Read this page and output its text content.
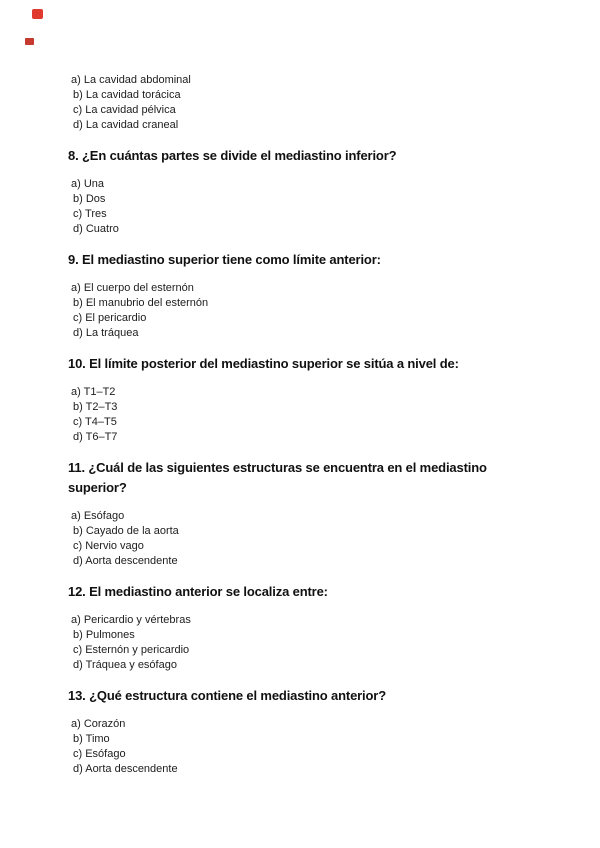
a) La cavidad abdominal
b) La cavidad torácica
c) La cavidad pélvica
d) La cavidad craneal
8. ¿En cuántas partes se divide el mediastino inferior?
a) Una
b) Dos
c) Tres
d) Cuatro
9. El mediastino superior tiene como límite anterior:
a) El cuerpo del esternón
b) El manubrio del esternón
c) El pericardio
d) La tráquea
10. El límite posterior del mediastino superior se sitúa a nivel de:
a) T1–T2
b) T2–T3
c) T4–T5
d) T6–T7
11. ¿Cuál de las siguientes estructuras se encuentra en el mediastino superior?
a) Esófago
b) Cayado de la aorta
c) Nervio vago
d) Aorta descendente
12. El mediastino anterior se localiza entre:
a) Pericardio y vértebras
b) Pulmones
c) Esternón y pericardio
d) Tráquea y esófago
13. ¿Qué estructura contiene el mediastino anterior?
a) Corazón
b) Timo
c) Esófago
d) Aorta descendente
